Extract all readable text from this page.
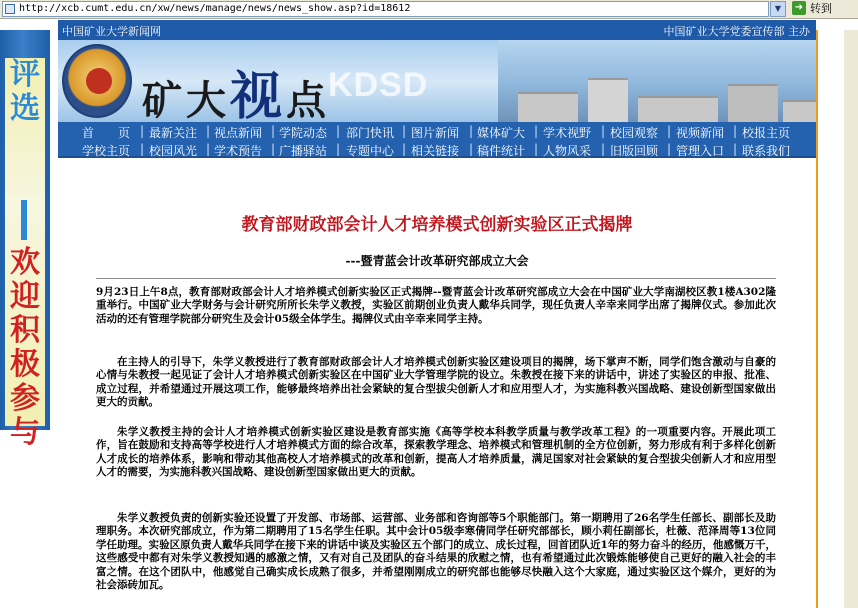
http://xcb.cumt.edu.cn/xw/news/manage/news/news_show.asp?id=18612	▼	➜ 转到
评选
欢迎积极参与
中国矿业大学新闻网	中国矿业大学党委宣传部 主办
矿大视点
KDSD
首　　页 | 最新关注 | 视点新闻 | 学院动态 | 部门快讯 | 图片新闻 | 媒体矿大 | 学术视野 | 校园观察 | 视频新闻 | 校报主页
学校主页 | 校园风光 | 学术预告 | 广播驿站 | 专题中心 | 相关链接 | 稿件统计 | 人物风采 | 旧版回顾 | 管理入口 | 联系我们
教育部财政部会计人才培养模式创新实验区正式揭牌
---暨青蓝会计改革研究部成立大会

9月23日上午8点，教育部财政部会计人才培养模式创新实验区正式揭牌--暨青蓝会计改革研究部成立大会在中国矿业大学南湖校区教1楼A302隆重举行。中国矿业大学财务与会计研究所所长朱学义教授，实验区前期创业负责人戴华兵同学，现任负责人辛幸来同学出席了揭牌仪式。参加此次活动的还有管理学院部分研究生及会计05级全体学生。揭牌仪式由辛幸来同学主持。

在主持人的引导下，朱学义教授进行了教育部财政部会计人才培养模式创新实验区建设项目的揭牌，场下掌声不断，同学们饱含激动与自豪的心情与朱教授一起见证了会计人才培养模式创新实验区在中国矿业大学管理学院的设立。朱教授在接下来的讲话中，讲述了实验区的申报、批准、成立过程，并希望通过开展这项工作，能够最终培养出社会紧缺的复合型拔尖创新人才和应用型人才，为实施科教兴国战略、建设创新型国家做出更大的贡献。

朱学义教授主持的会计人才培养模式创新实验区建设是教育部实施《高等学校本科教学质量与教学改革工程》的一项重要内容。开展此项工作，旨在鼓励和支持高等学校进行人才培养模式方面的综合改革，探索教学理念、培养模式和管理机制的全方位创新，努力形成有利于多样化创新人才成长的培养体系，影响和带动其他高校人才培养模式的改革和创新，提高人才培养质量，满足国家对社会紧缺的复合型拔尖创新人才和应用型人才的需要，为实施科教兴国战略、建设创新型国家做出更大的贡献。

朱学义教授负责的创新实验还设置了开发部、市场部、运营部、业务部和咨询部等5个职能部门。第一期聘用了26名学生任部长、副部长及助理职务。本次研究部成立，作为第二期聘用了15名学生任职。其中会计05级李寒倩同学任研究部部长，顾小莉任副部长，杜薇、范泽周等13位同学任助理。实验区原负责人戴华兵同学在接下来的讲话中谈及实验区五个部门的成立、成长过程，回首团队近1年的努力奋斗的经历，他感慨万千，这些感受中都有对朱学义教授知遇的感激之情，又有对自己及团队的奋斗结果的欣慰之情，也有希望通过此次锻炼能够使自己更好的融入社会的丰富之情。在这个团队中，他感觉自己确实成长成熟了很多，并希望刚刚成立的研究部也能够尽快融入这个大家庭，通过实验区这个媒介，更好的为社会添砖加瓦。
